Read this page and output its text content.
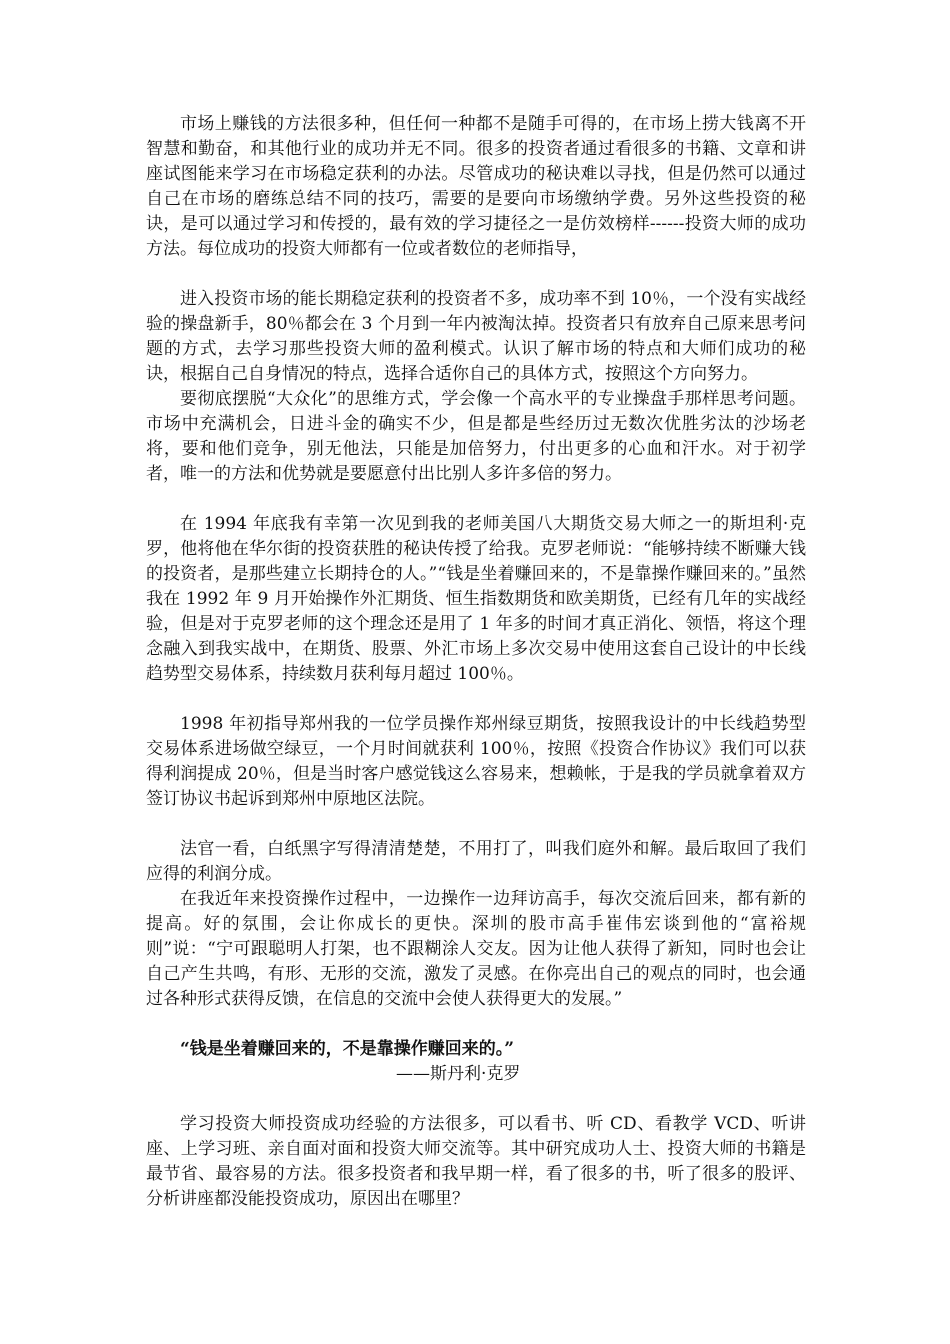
市场上赚钱的方法很多种，但任何一种都不是随手可得的，在市场上捞大钱离不开智慧和勤奋，和其他行业的成功并无不同。很多的投资者通过看很多的书籍、文章和讲座试图能来学习在市场稳定获利的办法。尽管成功的秘诀难以寻找，但是仍然可以通过自己在市场的磨练总结不同的技巧，需要的是要向市场缴纳学费。另外这些投资的秘诀，是可以通过学习和传授的，最有效的学习捷径之一是仿效榜样------投资大师的成功方法。每位成功的投资大师都有一位或者数位的老师指导，

进入投资市场的能长期稳定获利的投资者不多，成功率不到 10％，一个没有实战经验的操盘新手，80％都会在 3 个月到一年内被淘汰掉。投资者只有放弃自己原来思考问题的方式，去学习那些投资大师的盈利模式。认识了解市场的特点和大师们成功的秘诀，根据自己自身情况的特点，选择合适你自己的具体方式，按照这个方向努力。

要彻底摆脱“大众化”的思维方式，学会像一个高水平的专业操盘手那样思考问题。市场中充满机会，日进斗金的确实不少，但是都是些经历过无数次优胜劣汰的沙场老将，要和他们竞争，别无他法，只能是加倍努力，付出更多的心血和汗水。对于初学者，唯一的方法和优势就是要愿意付出比别人多许多倍的努力。

在 1994 年底我有幸第一次见到我的老师美国八大期货交易大师之一的斯坦利·克罗，他将他在华尔街的投资获胜的秘诀传授了给我。克罗老师说：“能够持续不断赚大钱的投资者，是那些建立长期持仓的人。”“钱是坐着赚回来的，不是靠操作赚回来的。”虽然我在 1992 年 9 月开始操作外汇期货、恒生指数期货和欧美期货，已经有几年的实战经验，但是对于克罗老师的这个理念还是用了 1 年多的时间才真正消化、领悟，将这个理念融入到我实战中，在期货、股票、外汇市场上多次交易中使用这套自己设计的中长线趋势型交易体系，持续数月获利每月超过 100％。

1998 年初指导郑州我的一位学员操作郑州绿豆期货，按照我设计的中长线趋势型交易体系进场做空绿豆，一个月时间就获利 100％，按照《投资合作协议》我们可以获得利润提成 20％，但是当时客户感觉钱这么容易来，想赖帐，于是我的学员就拿着双方签订协议书起诉到郑州中原地区法院。

法官一看，白纸黑字写得清清楚楚，不用打了，叫我们庭外和解。最后取回了我们应得的利润分成。

在我近年来投资操作过程中，一边操作一边拜访高手，每次交流后回来，都有新的提高。好的氛围，会让你成长的更快。深圳的股市高手崔伟宏谈到他的“富裕规则”说：“宁可跟聪明人打架，也不跟糊涂人交友。因为让他人获得了新知，同时也会让自己产生共鸣，有形、无形的交流，激发了灵感。在你亮出自己的观点的同时，也会通过各种形式获得反馈，在信息的交流中会使人获得更大的发展。”

“钱是坐着赚回来的，不是靠操作赚回来的。”

——斯丹利·克罗

学习投资大师投资成功经验的方法很多，可以看书、听 CD、看教学 VCD、听讲座、上学习班、亲自面对面和投资大师交流等。其中研究成功人士、投资大师的书籍是最节省、最容易的方法。很多投资者和我早期一样，看了很多的书，听了很多的股评、分析讲座都没能投资成功，原因出在哪里？
